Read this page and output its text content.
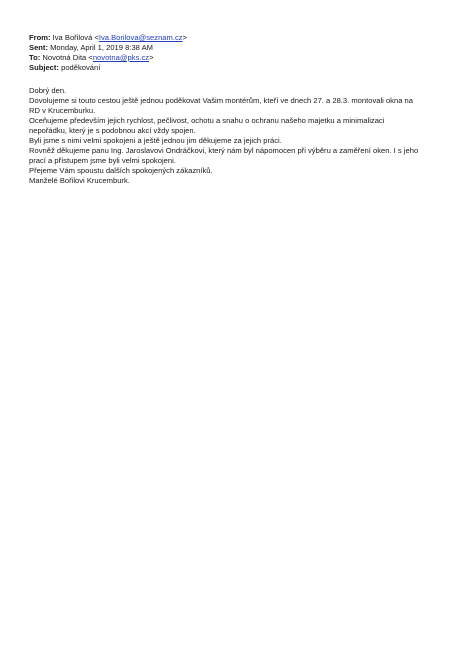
From: Iva Bořilová <Iva.Borilova@seznam.cz>
Sent: Monday, April 1, 2019 8:38 AM
To: Novotná Dita <novotna@pks.cz>
Subject: poděkování
Dobrý den.
Dovolujeme si touto cestou ještě jednou poděkovat Vašim montérům, kteří ve dnech 27. a 28.3. montovali okna na
RD v Krucemburku.
Oceňujeme především jejich rychlost, pečlivost, ochotu a snahu o ochranu našeho majetku a minimalizaci
nepořádku, který je s podobnou akcí vždy spojen.
Byli jsme s nimi velmi spokojeni a ještě jednou jim děkujeme za jejich práci.
Rovněž děkujeme panu Ing. Jaroslavovi Ondráčkovi, který nám byl nápomocen při výběru a zaměření oken. I s jeho
prací a přístupem jsme byli velmi spokojeni.
Přejeme Vám spoustu dalších spokojených zákazníků.
Manželé Bořilovi Krucemburk.
